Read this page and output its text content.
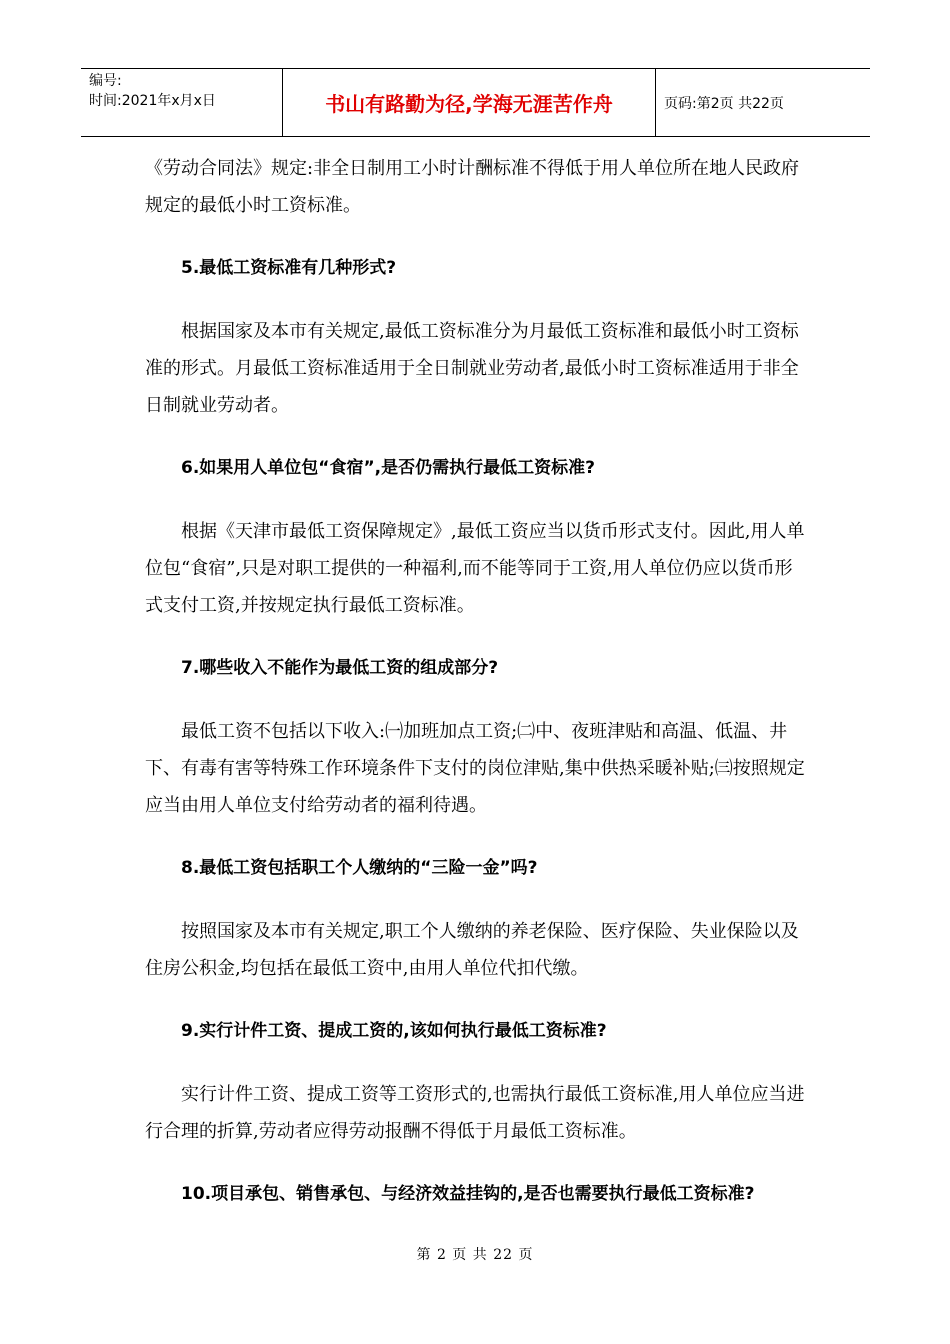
编号:
时间:2021年x月x日	书山有路勤为径,学海无涯苦作舟	页码:第2页 共22页

《劳动合同法》规定:非全日制用工小时计酬标准不得低于用人单位所在地人民政府规定的最低小时工资标准。

5.最低工资标准有几种形式?

根据国家及本市有关规定,最低工资标准分为月最低工资标准和最低小时工资标准的形式。月最低工资标准适用于全日制就业劳动者,最低小时工资标准适用于非全日制就业劳动者。

6.如果用人单位包“食宿”,是否仍需执行最低工资标准?

根据《天津市最低工资保障规定》,最低工资应当以货币形式支付。因此,用人单位包“食宿”,只是对职工提供的一种福利,而不能等同于工资,用人单位仍应以货币形式支付工资,并按规定执行最低工资标准。

7.哪些收入不能作为最低工资的组成部分?

最低工资不包括以下收入:㈠加班加点工资;㈡中、夜班津贴和高温、低温、井下、有毒有害等特殊工作环境条件下支付的岗位津贴,集中供热采暖补贴;㈢按照规定应当由用人单位支付给劳动者的福利待遇。

8.最低工资包括职工个人缴纳的“三险一金”吗?

按照国家及本市有关规定,职工个人缴纳的养老保险、医疗保险、失业保险以及住房公积金,均包括在最低工资中,由用人单位代扣代缴。

9.实行计件工资、提成工资的,该如何执行最低工资标准?

实行计件工资、提成工资等工资形式的,也需执行最低工资标准,用人单位应当进行合理的折算,劳动者应得劳动报酬不得低于月最低工资标准。

10.项目承包、销售承包、与经济效益挂钩的,是否也需要执行最低工资标准?

第 2 页 共 22 页
